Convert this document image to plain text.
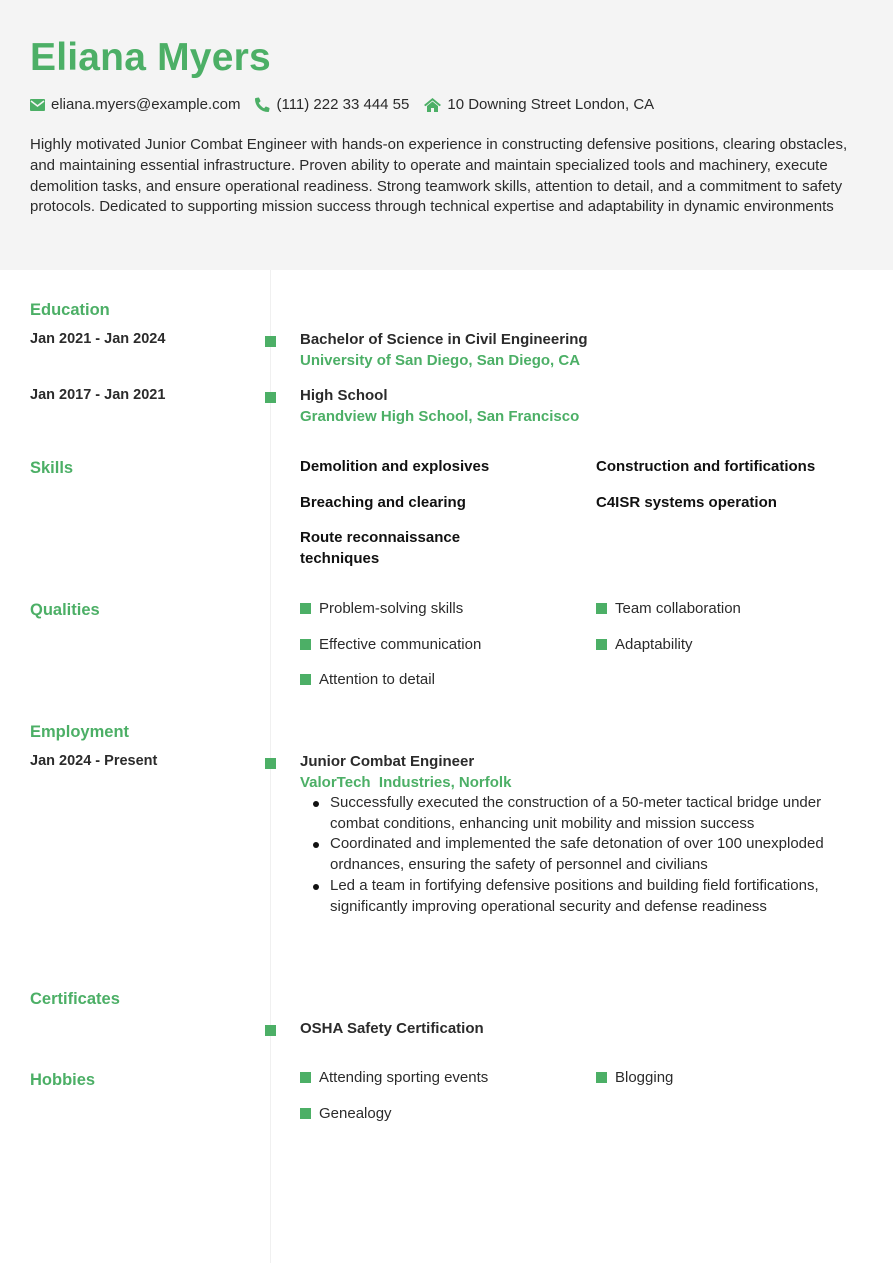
Eliana Myers
eliana.myers@example.com (111) 222 33 444 55	10 Downing Street London, CA

Highly motivated Junior Combat Engineer with hands-on experience in constructing defensive positions, clearing obstacles, and maintaining essential infrastructure. Proven ability to operate and maintain specialized tools and machinery, execute demolition tasks, and ensure operational readiness. Strong teamwork skills, attention to detail, and a commitment to safety protocols. Dedicated to supporting mission success through technical expertise and adaptability in dynamic environments

Education
Jan 2021 - Jan 2024	Bachelor of Science in Civil Engineering
University of San Diego, San Diego, CA
Jan 2017 - Jan 2021	High School
Grandview High School, San Francisco
Skills	Demolition and explosives	Construction and fortifications
Breaching and clearing	C4ISR systems operation
Route reconnaissance techniques
Qualities	Problem-solving skills	Team collaboration
Effective communication	Adaptability
Attention to detail
Employment
Jan 2024 - Present	Junior Combat Engineer
ValorTech  Industries, Norfolk
Successfully executed the construction of a 50-meter tactical bridge under combat conditions, enhancing unit mobility and mission success
Coordinated and implemented the safe detonation of over 100 unexploded ordnances, ensuring the safety of personnel and civilians
Led a team in fortifying defensive positions and building field fortifications, significantly improving operational security and defense readiness
Certificates
OSHA Safety Certification
Hobbies	Attending sporting events	Blogging
Genealogy
